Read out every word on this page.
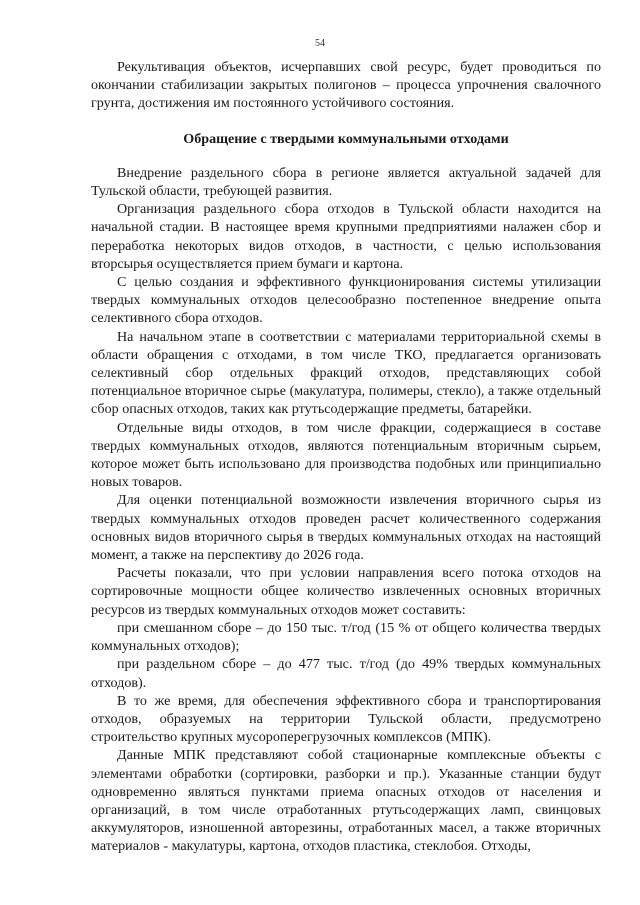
54

Рекультивация объектов, исчерпавших свой ресурс, будет проводиться по окончании стабилизации закрытых полигонов – процесса упрочнения свалочного грунта, достижения им постоянного устойчивого состояния.

Обращение с твердыми коммунальными отходами

Внедрение раздельного сбора в регионе является актуальной задачей для Тульской области, требующей развития.

Организация раздельного сбора отходов в Тульской области находится на начальной стадии. В настоящее время крупными предприятиями налажен сбор и переработка некоторых видов отходов, в частности, с целью использования вторсырья осуществляется прием бумаги и картона.

С целью создания и эффективного функционирования системы утилизации твердых коммунальных отходов целесообразно постепенное внедрение опыта селективного сбора отходов.

На начальном этапе в соответствии с материалами территориальной схемы в области обращения с отходами, в том числе ТКО, предлагается организовать селективный сбор отдельных фракций отходов, представляющих собой потенциальное вторичное сырье (макулатура, полимеры, стекло), а также отдельный сбор опасных отходов, таких как ртутьсодержащие предметы, батарейки.

Отдельные виды отходов, в том числе фракции, содержащиеся в составе твердых коммунальных отходов, являются потенциальным вторичным сырьем, которое может быть использовано для производства подобных или принципиально новых товаров.

Для оценки потенциальной возможности извлечения вторичного сырья из твердых коммунальных отходов проведен расчет количественного содержания основных видов вторичного сырья в твердых коммунальных отходах на настоящий момент, а также на перспективу до 2026 года.

Расчеты показали, что при условии направления всего потока отходов на сортировочные мощности общее количество извлеченных основных вторичных ресурсов из твердых коммунальных отходов может составить:

при смешанном сборе – до 150 тыс. т/год (15 % от общего количества твердых коммунальных отходов);

при раздельном сборе – до 477 тыс. т/год (до 49% твердых коммунальных отходов).

В то же время, для обеспечения эффективного сбора и транспортирования отходов, образуемых на территории Тульской области, предусмотрено строительство крупных мусороперегрузочных комплексов (МПК).

Данные МПК представляют собой стационарные комплексные объекты с элементами обработки (сортировки, разборки и пр.). Указанные станции будут одновременно являться пунктами приема опасных отходов от населения и организаций, в том числе отработанных ртутьсодержащих ламп, свинцовых аккумуляторов, изношенной авторезины, отработанных масел, а также вторичных материалов - макулатуры, картона, отходов пластика, стеклобоя. Отходы,
